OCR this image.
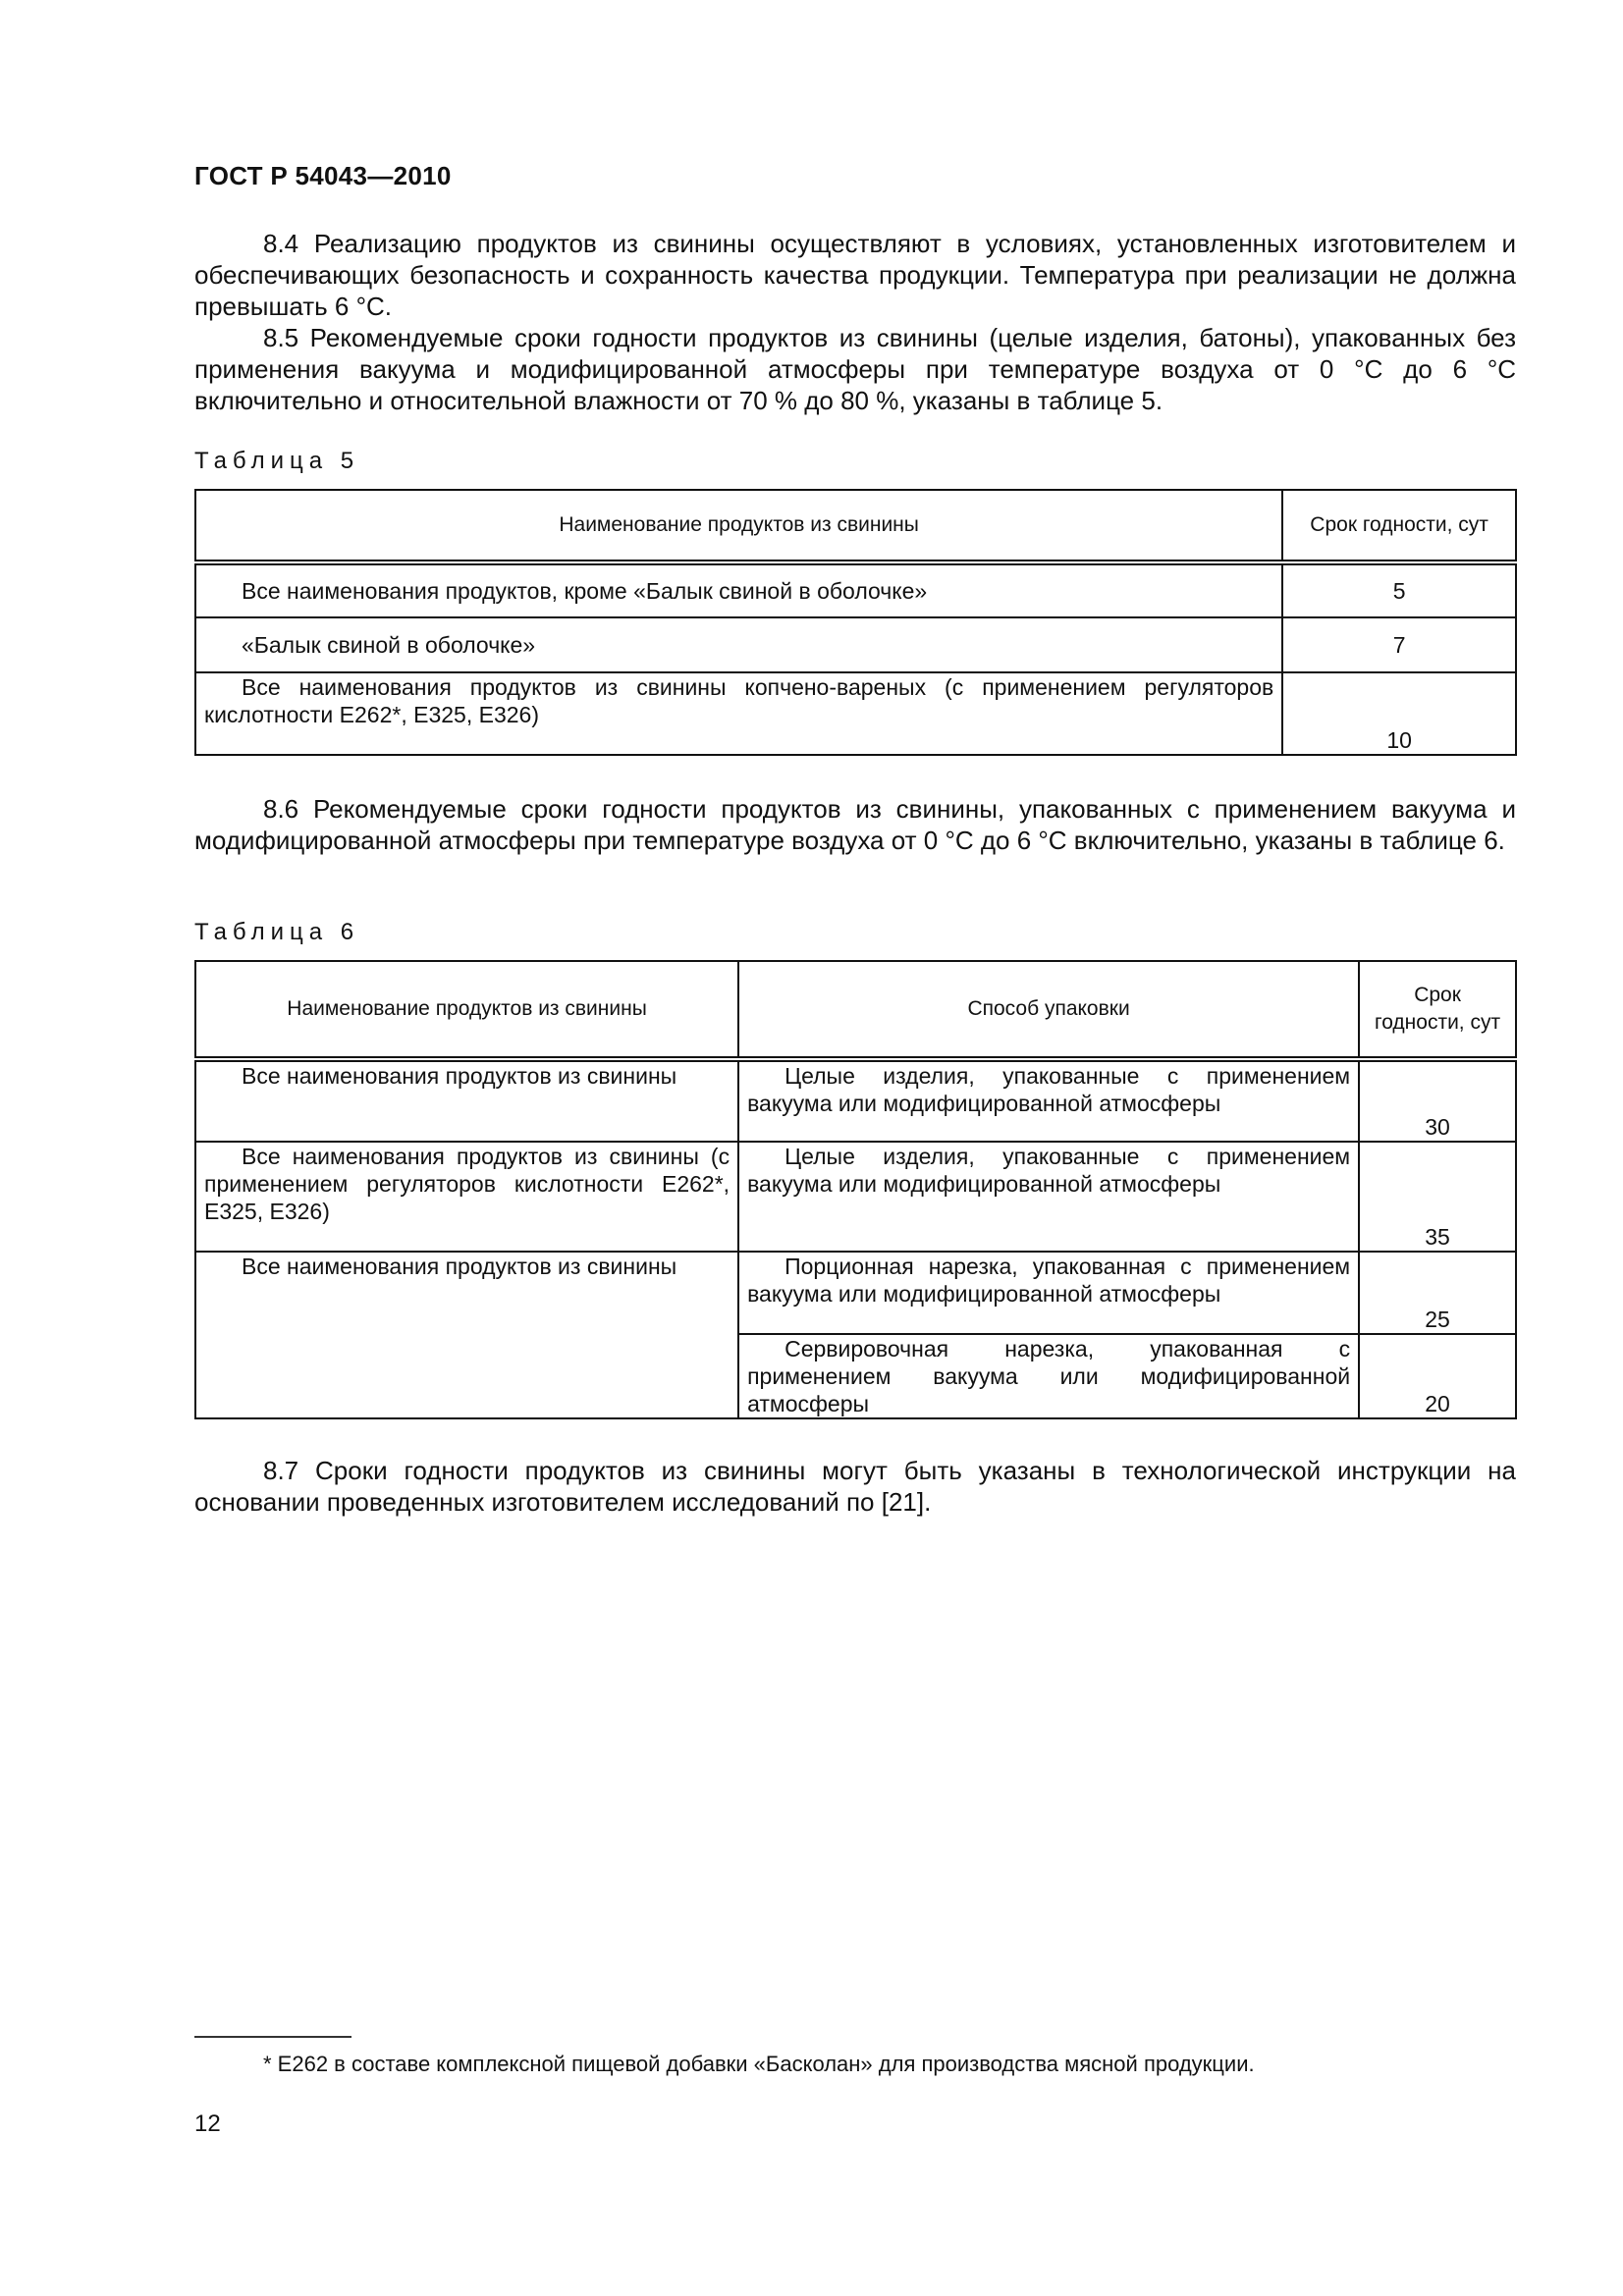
ГОСТ Р 54043—2010

8.4 Реализацию продуктов из свинины осуществляют в условиях, установленных изготовителем и обеспечивающих безопасность и сохранность качества продукции. Температура при реализации не должна превышать 6 °С.

8.5 Рекомендуемые сроки годности продуктов из свинины (целые изделия, батоны), упакованных без применения вакуума и модифицированной атмосферы при температуре воздуха от 0 °С до 6 °С включительно и относительной влажности от 70 % до 80 %, указаны в таблице 5.

Таблица 5
Наименование продуктов из свинины	Срок годности, сут
Все наименования продуктов, кроме «Балык свиной в оболочке»	5
«Балык свиной в оболочке»	7
Все наименования продуктов из свинины копчено-вареных (с применением регуляторов кислотности Е262*, Е325, Е326)	10

8.6 Рекомендуемые сроки годности продуктов из свинины, упакованных с применением вакуума и модифицированной атмосферы при температуре воздуха от 0 °С до 6 °С включительно, указаны в таблице 6.

Таблица 6
Наименование продуктов из свинины	Способ упаковки	Срок годности, сут
Все наименования продуктов из свинины	Целые изделия, упакованные с применением вакуума или модифицированной атмосферы	30
Все наименования продуктов из свинины (с применением регуляторов кислотности Е262*, Е325, Е326)	Целые изделия, упакованные с применением вакуума или модифицированной атмосферы	35
Все наименования продуктов из свинины	Порционная нарезка, упакованная с применением вакуума или модифицированной атмосферы	25
	Сервировочная нарезка, упакованная с применением вакуума или модифицированной атмосферы	20

8.7 Сроки годности продуктов из свинины могут быть указаны в технологической инструкции на основании проведенных изготовителем исследований по [21].

* Е262 в составе комплексной пищевой добавки «Басколан» для производства мясной продукции.
12
